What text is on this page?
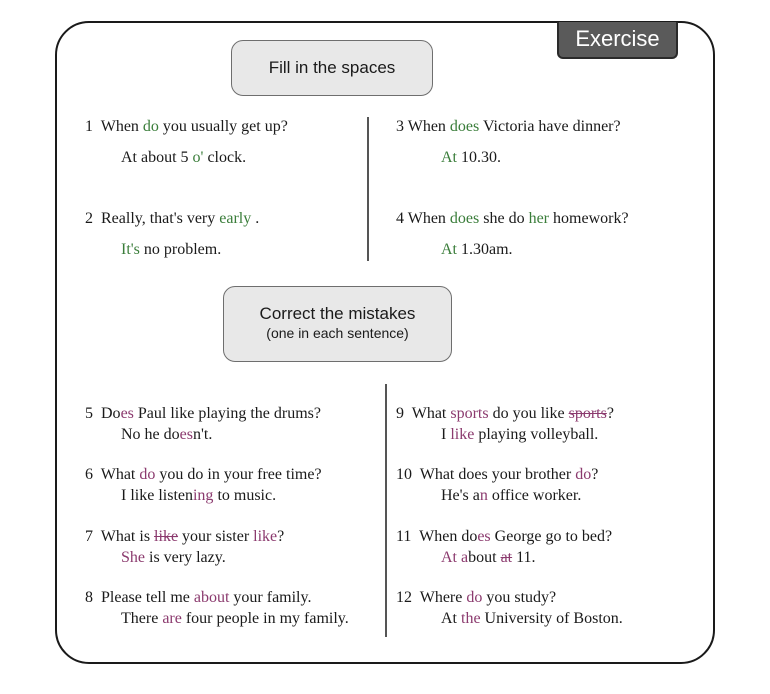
Exercise
Fill in the spaces
1  When do you usually get up?
At about 5 o' clock.
2  Really, that's very early .
It's no problem.
3 When does Victoria have dinner?
At 10.30.
4 When does she do her homework?
At 1.30am.
Correct the mistakes
(one in each sentence)
5  Does Paul like playing the drums?
No he doesn't.
6  What do you do in your free time?
I like listening to music.
7  What is like your sister like?
She is very lazy.
8  Please tell me about your family.
There are four people in my family.
9  What sports do you like sports?
I like playing volleyball.
10  What does your brother do?
He's an office worker.
11  When does George go to bed?
At about at 11.
12  Where do you study?
At the University of Boston.
